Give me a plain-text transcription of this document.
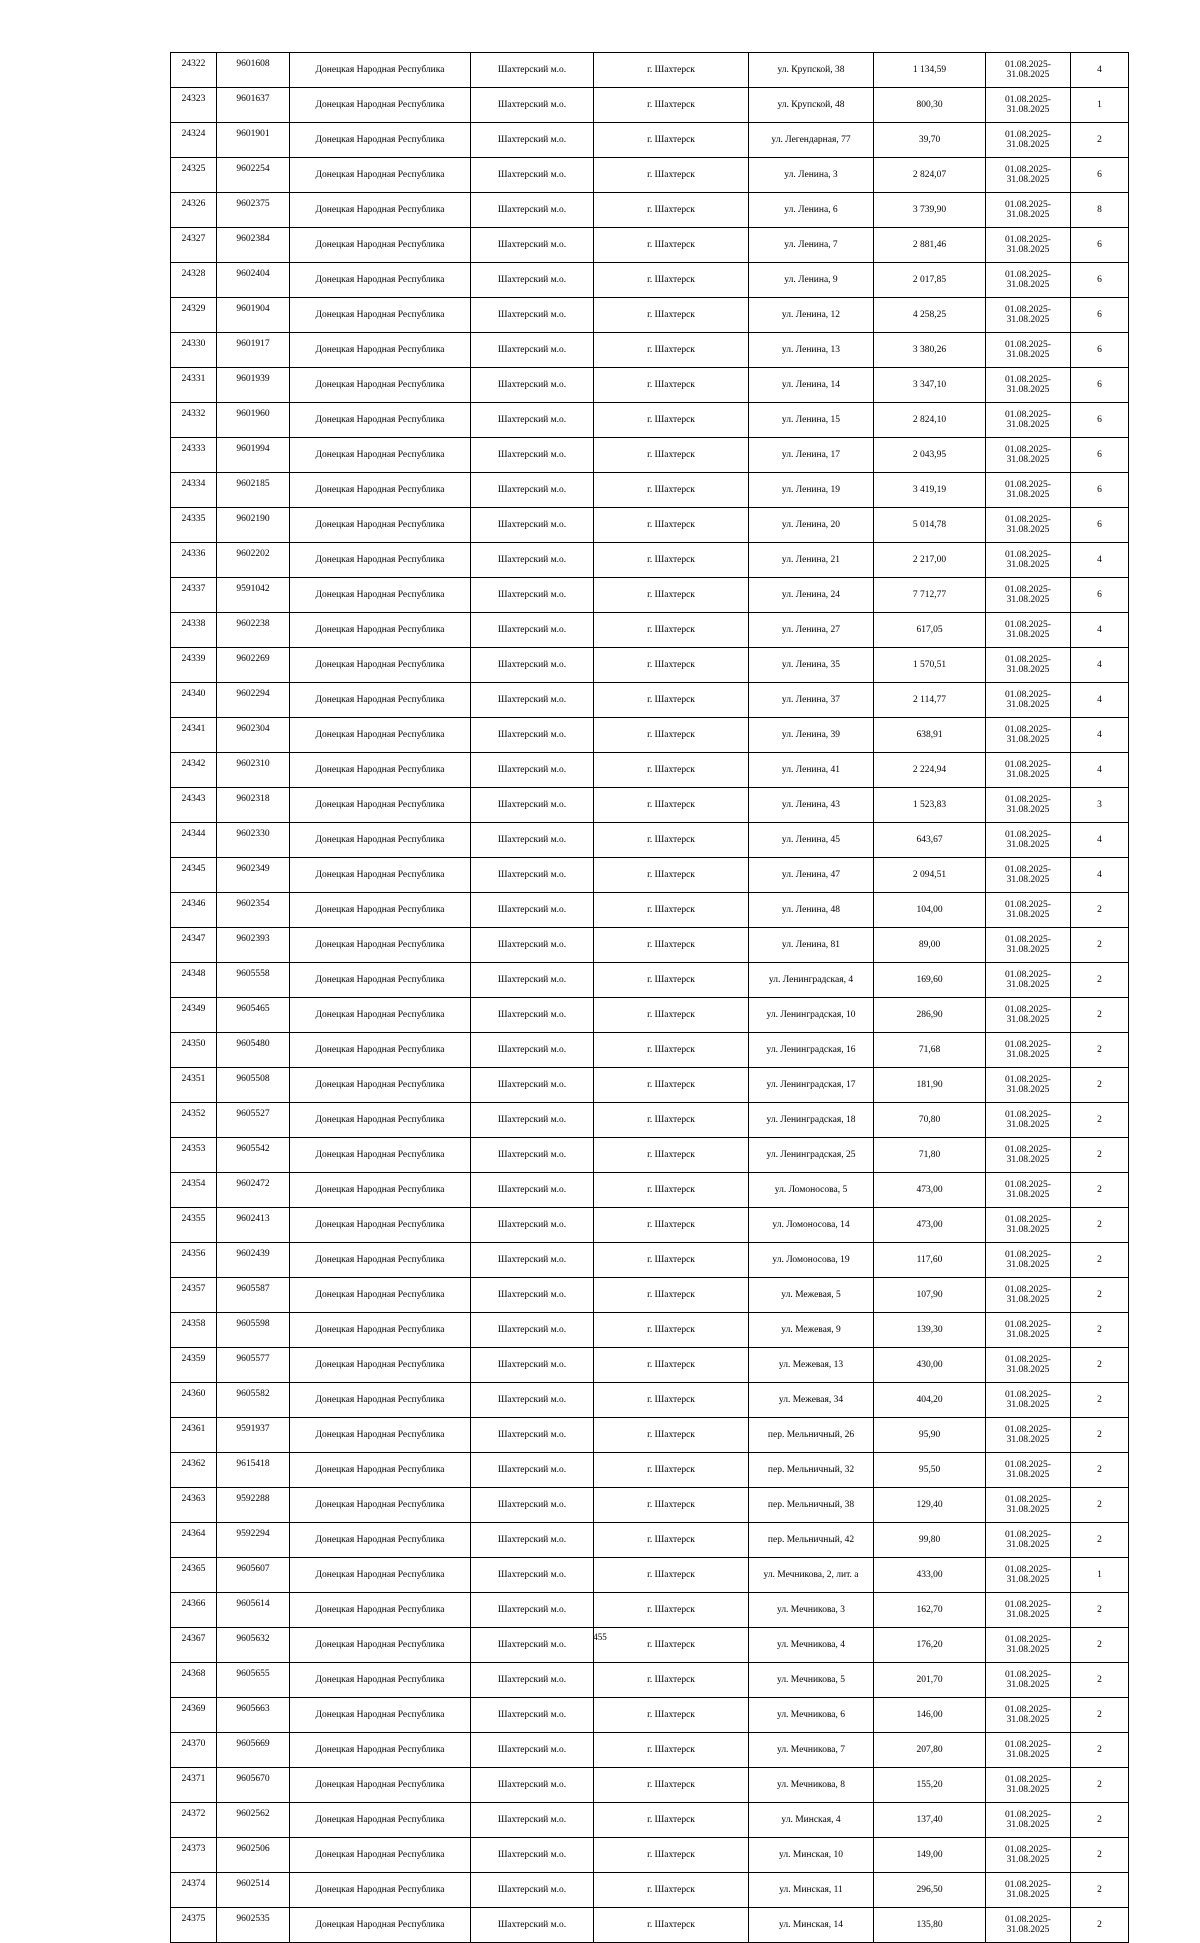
24322	9601608	Донецкая Народная Республика	Шахтерский м.о.	г. Шахтерск	ул. Крупской, 38	1 134,59	01.08.2025-
31.08.2025	4
24323	9601637	Донецкая Народная Республика	Шахтерский м.о.	г. Шахтерск	ул. Крупской, 48	800,30	01.08.2025-
31.08.2025	1
24324	9601901	Донецкая Народная Республика	Шахтерский м.о.	г. Шахтерск	ул. Легендарная, 77	39,70	01.08.2025-
31.08.2025	2
24325	9602254	Донецкая Народная Республика	Шахтерский м.о.	г. Шахтерск	ул. Ленина, 3	2 824,07	01.08.2025-
31.08.2025	6
24326	9602375	Донецкая Народная Республика	Шахтерский м.о.	г. Шахтерск	ул. Ленина, 6	3 739,90	01.08.2025-
31.08.2025	8
24327	9602384	Донецкая Народная Республика	Шахтерский м.о.	г. Шахтерск	ул. Ленина, 7	2 881,46	01.08.2025-
31.08.2025	6
24328	9602404	Донецкая Народная Республика	Шахтерский м.о.	г. Шахтерск	ул. Ленина, 9	2 017,85	01.08.2025-
31.08.2025	6
24329	9601904	Донецкая Народная Республика	Шахтерский м.о.	г. Шахтерск	ул. Ленина, 12	4 258,25	01.08.2025-
31.08.2025	6
24330	9601917	Донецкая Народная Республика	Шахтерский м.о.	г. Шахтерск	ул. Ленина, 13	3 380,26	01.08.2025-
31.08.2025	6
24331	9601939	Донецкая Народная Республика	Шахтерский м.о.	г. Шахтерск	ул. Ленина, 14	3 347,10	01.08.2025-
31.08.2025	6
24332	9601960	Донецкая Народная Республика	Шахтерский м.о.	г. Шахтерск	ул. Ленина, 15	2 824,10	01.08.2025-
31.08.2025	6
24333	9601994	Донецкая Народная Республика	Шахтерский м.о.	г. Шахтерск	ул. Ленина, 17	2 043,95	01.08.2025-
31.08.2025	6
24334	9602185	Донецкая Народная Республика	Шахтерский м.о.	г. Шахтерск	ул. Ленина, 19	3 419,19	01.08.2025-
31.08.2025	6
24335	9602190	Донецкая Народная Республика	Шахтерский м.о.	г. Шахтерск	ул. Ленина, 20	5 014,78	01.08.2025-
31.08.2025	6
24336	9602202	Донецкая Народная Республика	Шахтерский м.о.	г. Шахтерск	ул. Ленина, 21	2 217,00	01.08.2025-
31.08.2025	4
24337	9591042	Донецкая Народная Республика	Шахтерский м.о.	г. Шахтерск	ул. Ленина, 24	7 712,77	01.08.2025-
31.08.2025	6
24338	9602238	Донецкая Народная Республика	Шахтерский м.о.	г. Шахтерск	ул. Ленина, 27	617,05	01.08.2025-
31.08.2025	4
24339	9602269	Донецкая Народная Республика	Шахтерский м.о.	г. Шахтерск	ул. Ленина, 35	1 570,51	01.08.2025-
31.08.2025	4
24340	9602294	Донецкая Народная Республика	Шахтерский м.о.	г. Шахтерск	ул. Ленина, 37	2 114,77	01.08.2025-
31.08.2025	4
24341	9602304	Донецкая Народная Республика	Шахтерский м.о.	г. Шахтерск	ул. Ленина, 39	638,91	01.08.2025-
31.08.2025	4
24342	9602310	Донецкая Народная Республика	Шахтерский м.о.	г. Шахтерск	ул. Ленина, 41	2 224,94	01.08.2025-
31.08.2025	4
24343	9602318	Донецкая Народная Республика	Шахтерский м.о.	г. Шахтерск	ул. Ленина, 43	1 523,83	01.08.2025-
31.08.2025	3
24344	9602330	Донецкая Народная Республика	Шахтерский м.о.	г. Шахтерск	ул. Ленина, 45	643,67	01.08.2025-
31.08.2025	4
24345	9602349	Донецкая Народная Республика	Шахтерский м.о.	г. Шахтерск	ул. Ленина, 47	2 094,51	01.08.2025-
31.08.2025	4
24346	9602354	Донецкая Народная Республика	Шахтерский м.о.	г. Шахтерск	ул. Ленина, 48	104,00	01.08.2025-
31.08.2025	2
24347	9602393	Донецкая Народная Республика	Шахтерский м.о.	г. Шахтерск	ул. Ленина, 81	89,00	01.08.2025-
31.08.2025	2
24348	9605558	Донецкая Народная Республика	Шахтерский м.о.	г. Шахтерск	ул. Ленинградская, 4	169,60	01.08.2025-
31.08.2025	2
24349	9605465	Донецкая Народная Республика	Шахтерский м.о.	г. Шахтерск	ул. Ленинградская, 10	286,90	01.08.2025-
31.08.2025	2
24350	9605480	Донецкая Народная Республика	Шахтерский м.о.	г. Шахтерск	ул. Ленинградская, 16	71,68	01.08.2025-
31.08.2025	2
24351	9605508	Донецкая Народная Республика	Шахтерский м.о.	г. Шахтерск	ул. Ленинградская, 17	181,90	01.08.2025-
31.08.2025	2
24352	9605527	Донецкая Народная Республика	Шахтерский м.о.	г. Шахтерск	ул. Ленинградская, 18	70,80	01.08.2025-
31.08.2025	2
24353	9605542	Донецкая Народная Республика	Шахтерский м.о.	г. Шахтерск	ул. Ленинградская, 25	71,80	01.08.2025-
31.08.2025	2
24354	9602472	Донецкая Народная Республика	Шахтерский м.о.	г. Шахтерск	ул. Ломоносова, 5	473,00	01.08.2025-
31.08.2025	2
24355	9602413	Донецкая Народная Республика	Шахтерский м.о.	г. Шахтерск	ул. Ломоносова, 14	473,00	01.08.2025-
31.08.2025	2
24356	9602439	Донецкая Народная Республика	Шахтерский м.о.	г. Шахтерск	ул. Ломоносова, 19	117,60	01.08.2025-
31.08.2025	2
24357	9605587	Донецкая Народная Республика	Шахтерский м.о.	г. Шахтерск	ул. Межевая, 5	107,90	01.08.2025-
31.08.2025	2
24358	9605598	Донецкая Народная Республика	Шахтерский м.о.	г. Шахтерск	ул. Межевая, 9	139,30	01.08.2025-
31.08.2025	2
24359	9605577	Донецкая Народная Республика	Шахтерский м.о.	г. Шахтерск	ул. Межевая, 13	430,00	01.08.2025-
31.08.2025	2
24360	9605582	Донецкая Народная Республика	Шахтерский м.о.	г. Шахтерск	ул. Межевая, 34	404,20	01.08.2025-
31.08.2025	2
24361	9591937	Донецкая Народная Республика	Шахтерский м.о.	г. Шахтерск	пер. Мельничный, 26	95,90	01.08.2025-
31.08.2025	2
24362	9615418	Донецкая Народная Республика	Шахтерский м.о.	г. Шахтерск	пер. Мельничный, 32	95,50	01.08.2025-
31.08.2025	2
24363	9592288	Донецкая Народная Республика	Шахтерский м.о.	г. Шахтерск	пер. Мельничный, 38	129,40	01.08.2025-
31.08.2025	2
24364	9592294	Донецкая Народная Республика	Шахтерский м.о.	г. Шахтерск	пер. Мельничный, 42	99,80	01.08.2025-
31.08.2025	2
24365	9605607	Донецкая Народная Республика	Шахтерский м.о.	г. Шахтерск	ул. Мечникова, 2, лит. а	433,00	01.08.2025-
31.08.2025	1
24366	9605614	Донецкая Народная Республика	Шахтерский м.о.	г. Шахтерск	ул. Мечникова, 3	162,70	01.08.2025-
31.08.2025	2
24367	9605632	Донецкая Народная Республика	Шахтерский м.о.	г. Шахтерск	ул. Мечникова, 4	176,20	01.08.2025-
31.08.2025	2
24368	9605655	Донецкая Народная Республика	Шахтерский м.о.	г. Шахтерск	ул. Мечникова, 5	201,70	01.08.2025-
31.08.2025	2
24369	9605663	Донецкая Народная Республика	Шахтерский м.о.	г. Шахтерск	ул. Мечникова, 6	146,00	01.08.2025-
31.08.2025	2
24370	9605669	Донецкая Народная Республика	Шахтерский м.о.	г. Шахтерск	ул. Мечникова, 7	207,80	01.08.2025-
31.08.2025	2
24371	9605670	Донецкая Народная Республика	Шахтерский м.о.	г. Шахтерск	ул. Мечникова, 8	155,20	01.08.2025-
31.08.2025	2
24372	9602562	Донецкая Народная Республика	Шахтерский м.о.	г. Шахтерск	ул. Минская, 4	137,40	01.08.2025-
31.08.2025	2
24373	9602506	Донецкая Народная Республика	Шахтерский м.о.	г. Шахтерск	ул. Минская, 10	149,00	01.08.2025-
31.08.2025	2
24374	9602514	Донецкая Народная Республика	Шахтерский м.о.	г. Шахтерск	ул. Минская, 11	296,50	01.08.2025-
31.08.2025	2
24375	9602535	Донецкая Народная Республика	Шахтерский м.о.	г. Шахтерск	ул. Минская, 14	135,80	01.08.2025-
31.08.2025	2
455
